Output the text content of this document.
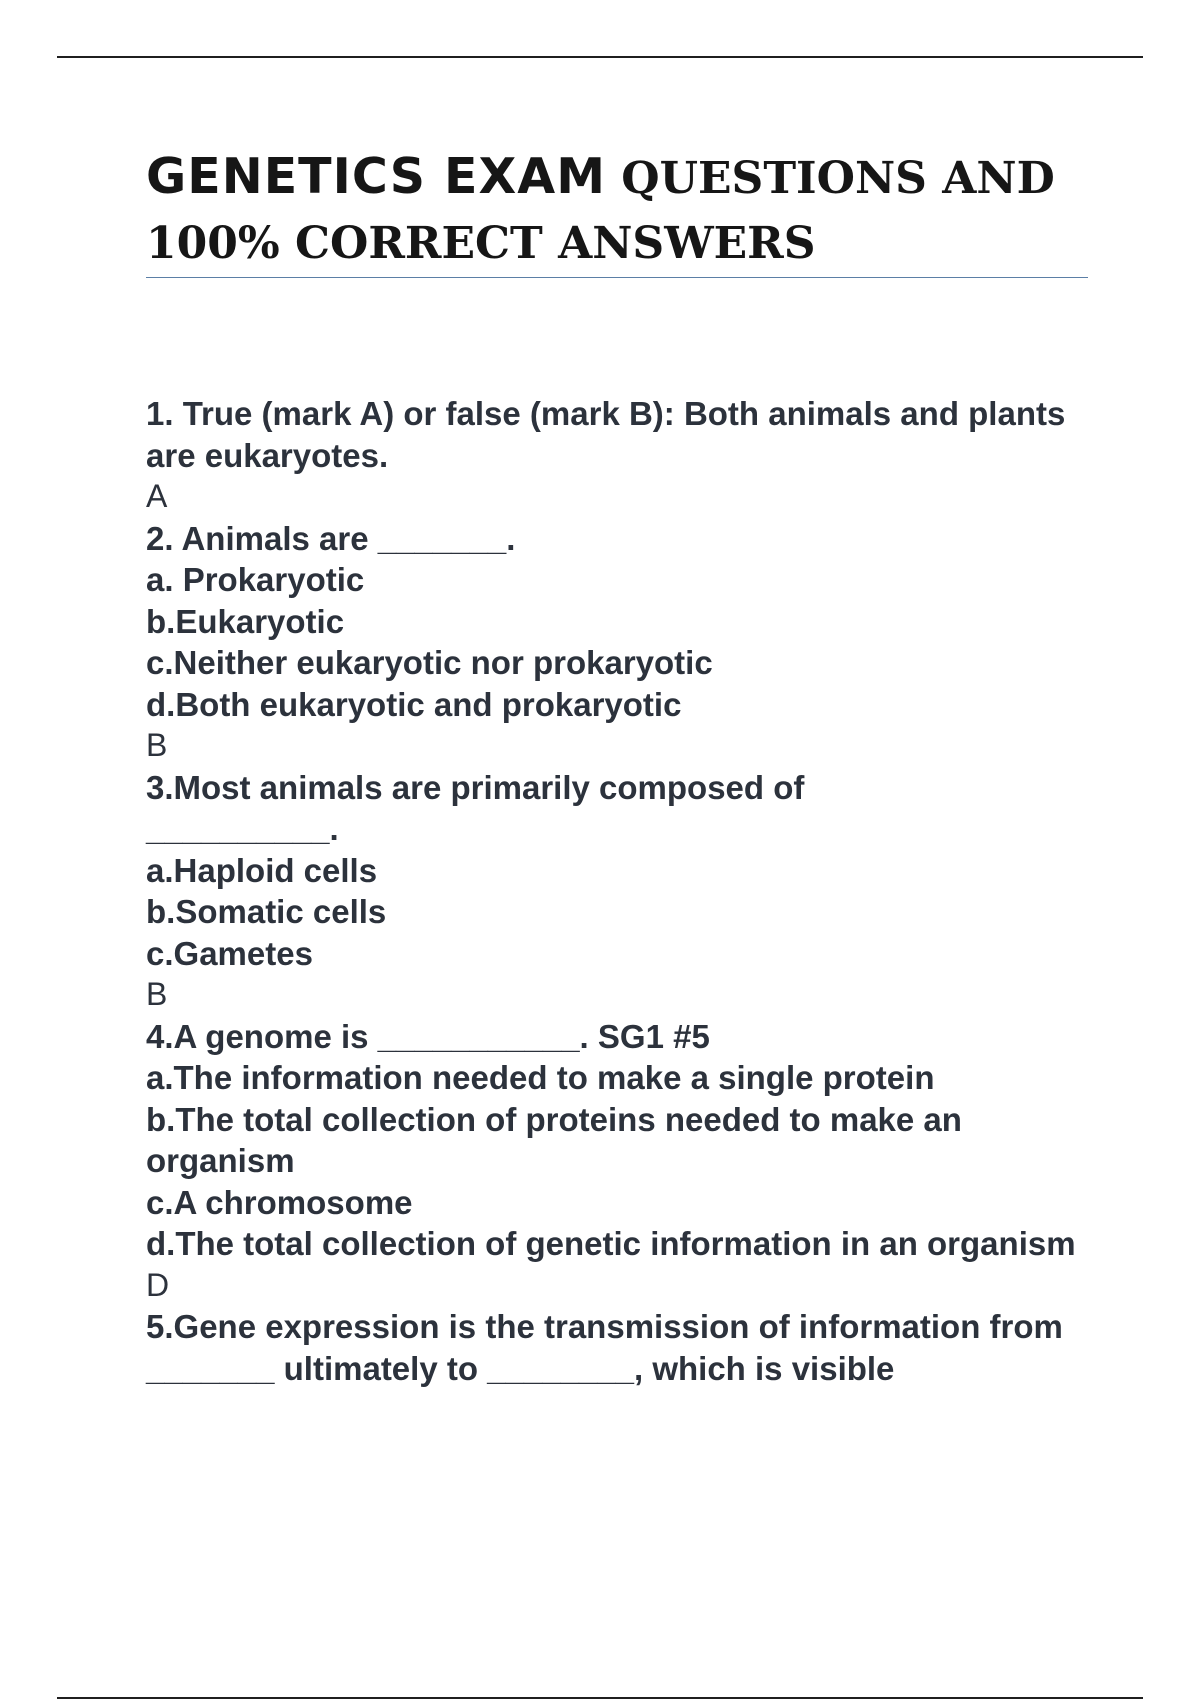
GENETICS EXAM QUESTIONS AND 100% CORRECT ANSWERS

1. True (mark A) or false (mark B): Both animals and plants are eukaryotes.

A

2. Animals are _______.

a. Prokaryotic

b.Eukaryotic

c.Neither eukaryotic nor prokaryotic

d.Both eukaryotic and prokaryotic

B

3.Most animals are primarily composed of __________.

a.Haploid cells

b.Somatic cells

c.Gametes

B

4.A genome is ___________. SG1 #5

a.The information needed to make a single protein

b.The total collection of proteins needed to make an organism

c.A chromosome

d.The total collection of genetic information in an organism

D

5.Gene expression is the transmission of information from _______ ultimately to ________, which is visible
